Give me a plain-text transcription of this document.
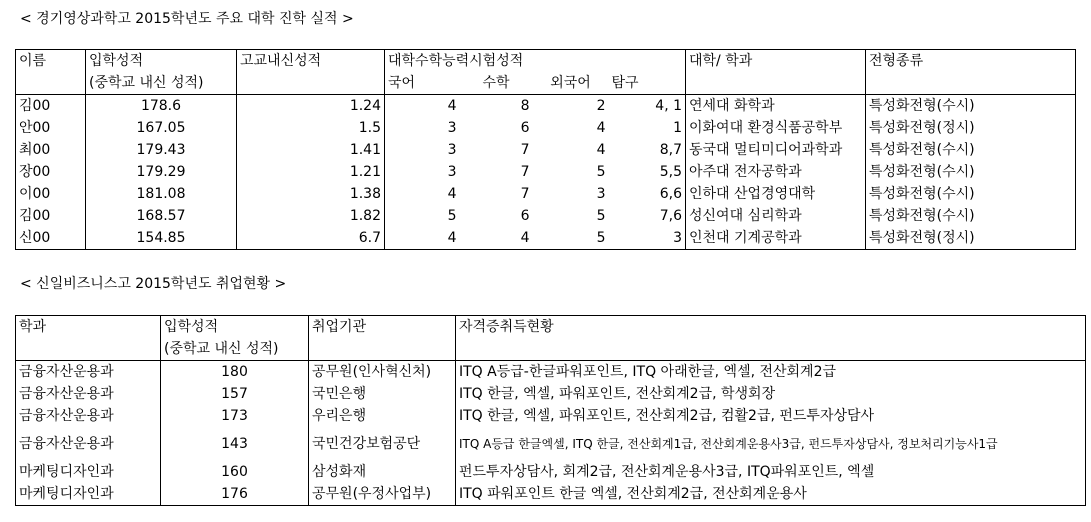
< 경기영상과학고 2015학년도 주요 대학 진학 실적 >
이름	입학성적	고교내신성적	대학수학능력시험성적				대학/ 학과	전형종류
	(중학교 내신 성적)		국어	수학	외국어	탐구		
김00	178.6	1.24	4	8	2	4, 1	연세대 화학과	특성화전형(수시)
안00	167.05	1.5	3	6	4	1	이화여대 환경식품공학부	특성화전형(정시)
최00	179.43	1.41	3	7	4	8,7	동국대 멀티미디어과학과	특성화전형(수시)
장00	179.29	1.21	3	7	5	5,5	아주대 전자공학과	특성화전형(수시)
이00	181.08	1.38	4	7	3	6,6	인하대 산업경영대학	특성화전형(수시)
김00	168.57	1.82	5	6	5	7,6	성신여대 심리학과	특성화전형(수시)
신00	154.85	6.7	4	4	5	3	인천대 기계공학과	특성화전형(정시)
< 신일비즈니스고 2015학년도 취업현황 >
학과	입학성적	취업기관	자격증취득현황
	(중학교 내신 성적)		
금융자산운용과	180	공무원(인사혁신처)	ITQ A등급-한글파워포인트, ITQ 아래한글, 엑셀, 전산회계2급
금융자산운용과	157	국민은행	ITQ 한글, 엑셀, 파워포인트, 전산회계2급, 학생회장
금융자산운용과	173	우리은행	ITQ 한글, 엑셀, 파워포인트, 전산회계2급, 컴활2급, 펀드투자상담사
금융자산운용과	143	국민건강보험공단	ITQ A등급 한글엑셀, ITQ 한글, 전산회계1급, 전산회계운용사3급, 펀드투자상담사, 정보처리기능사1급
마케팅디자인과	160	삼성화재	펀드투자상담사, 회계2급, 전산회계운용사3급, ITQ파워포인트, 엑셀
마케팅디자인과	176	공무원(우정사업부)	ITQ 파워포인트 한글 엑셀, 전산회계2급, 전산회계운용사
